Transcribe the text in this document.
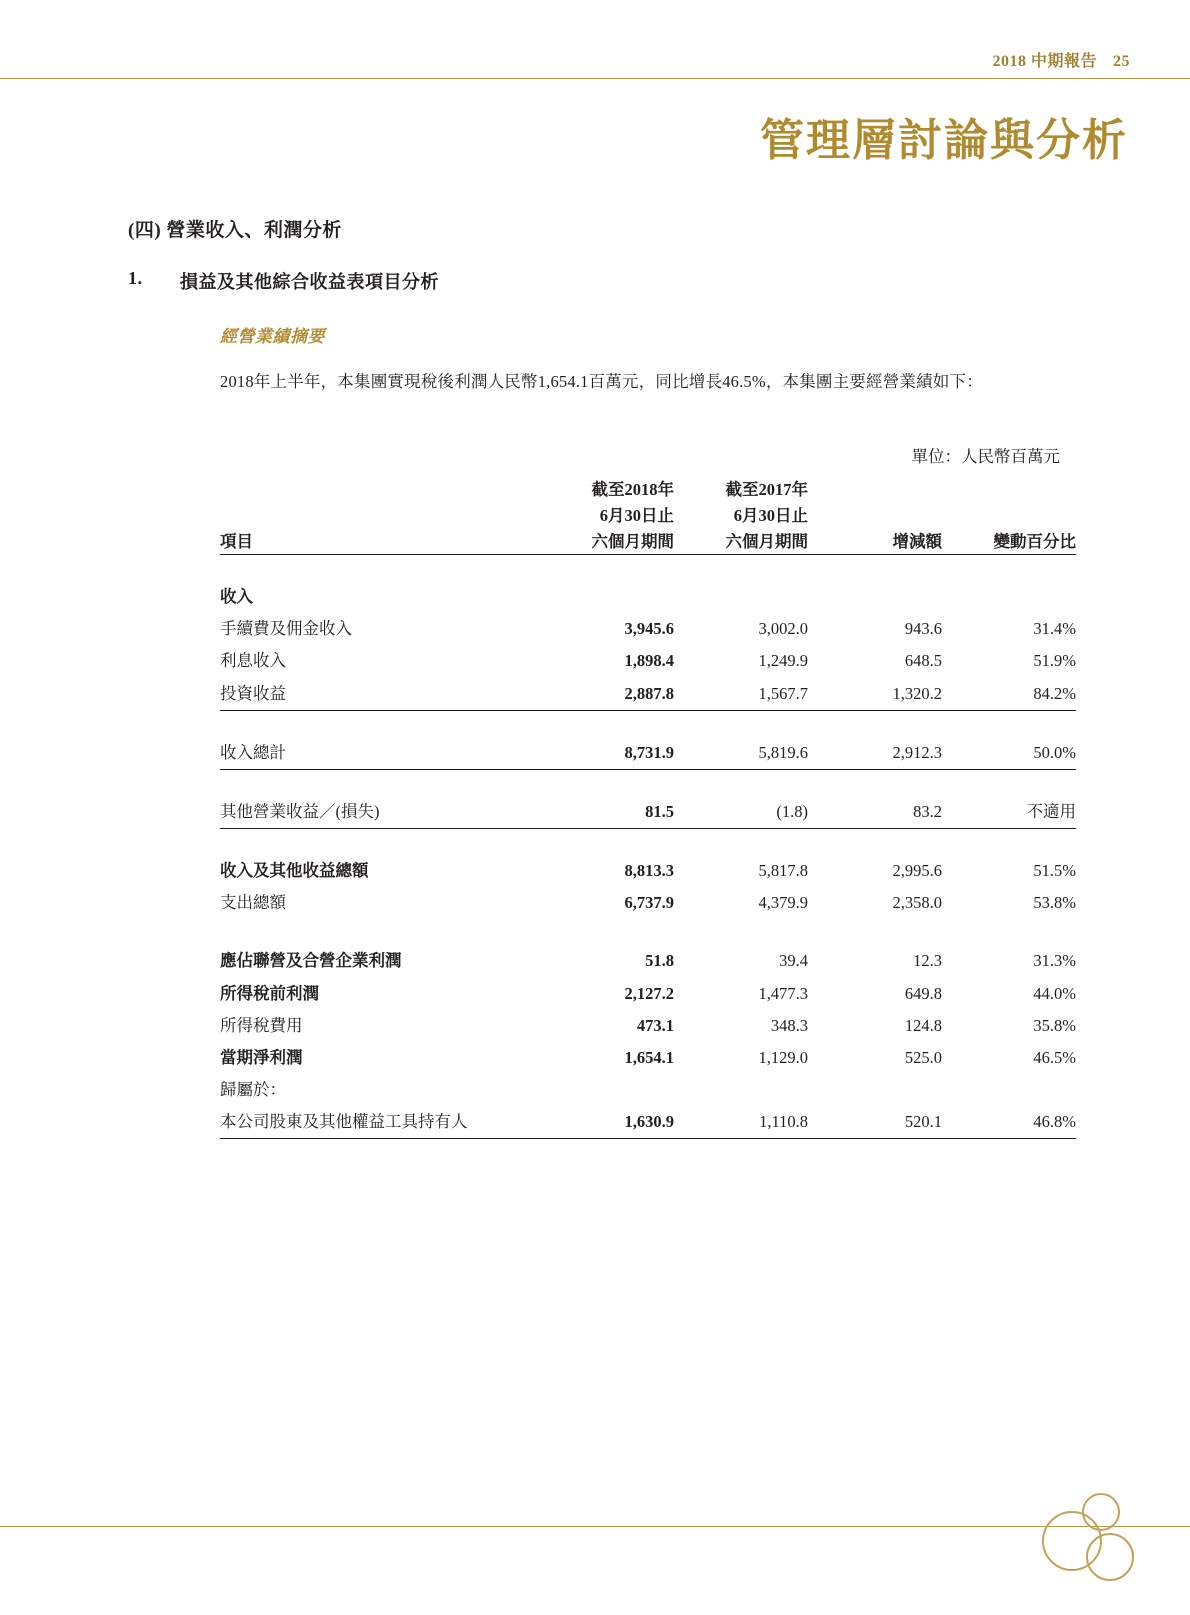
2018 中期報告 25
管理層討論與分析
(四) 營業收入、利潤分析
1. 損益及其他綜合收益表項目分析
經營業績摘要
2018年上半年，本集團實現稅後利潤人民幣1,654.1百萬元，同比增長46.5%，本集團主要經營業績如下：
單位：人民幣百萬元
	截至2018年	截至2017年		
	6月30日止	6月30日止		
項目	六個月期間	六個月期間	增減額	變動百分比

收入				
手續費及佣金收入	3,945.6	3,002.0	943.6	31.4%
利息收入	1,898.4	1,249.9	648.5	51.9%
投資收益	2,887.8	1,567.7	1,320.2	84.2%

收入總計	8,731.9	5,819.6	2,912.3	50.0%

其他營業收益／(損失)	81.5	(1.8)	83.2	不適用

收入及其他收益總額	8,813.3	5,817.8	2,995.6	51.5%
支出總額	6,737.9	4,379.9	2,358.0	53.8%

應佔聯營及合營企業利潤	51.8	39.4	12.3	31.3%
所得稅前利潤	2,127.2	1,477.3	649.8	44.0%
所得稅費用	473.1	348.3	124.8	35.8%
當期淨利潤	1,654.1	1,129.0	525.0	46.5%
歸屬於：				
本公司股東及其他權益工具持有人	1,630.9	1,110.8	520.1	46.8%
